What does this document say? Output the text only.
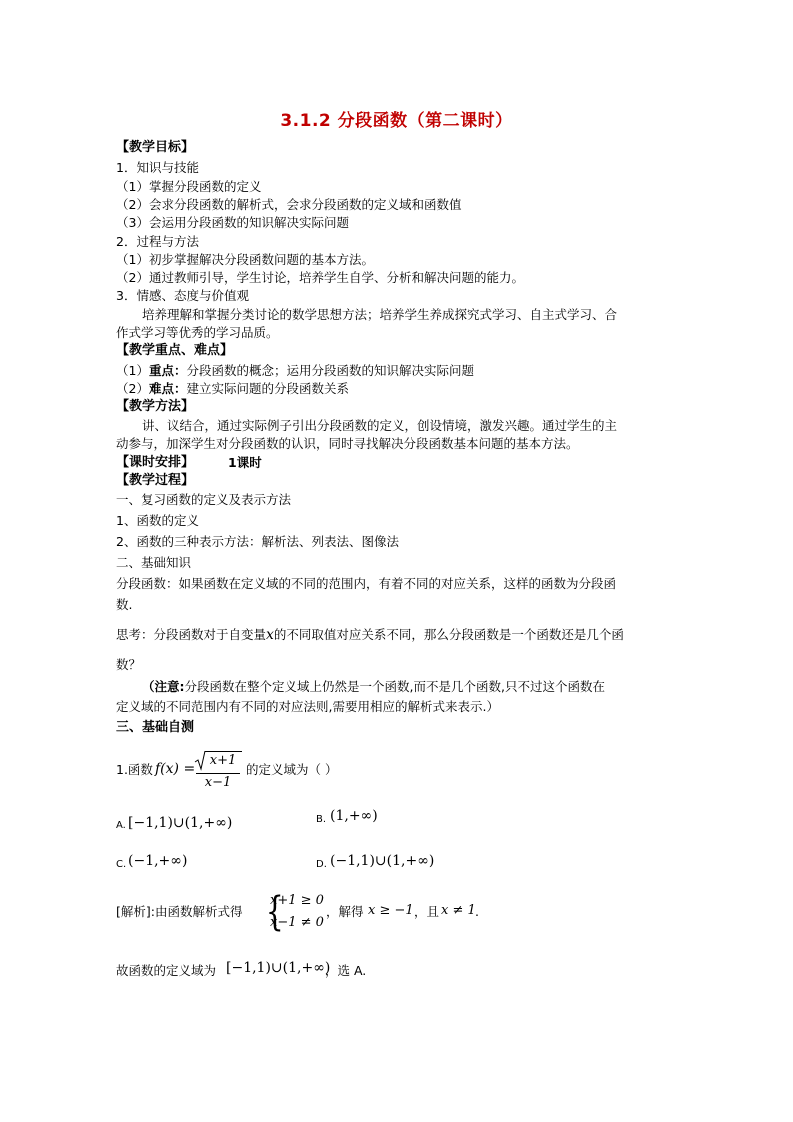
3.1.2 分段函数（第二课时）
【教学目标】
1．知识与技能
（1）掌握分段函数的定义
（2）会求分段函数的解析式，会求分段函数的定义域和函数值
（3）会运用分段函数的知识解决实际问题
2．过程与方法
（1）初步掌握解决分段函数问题的基本方法。
（2）通过教师引导，学生讨论，培养学生自学、分析和解决问题的能力。
3．情感、态度与价值观
培养理解和掌握分类讨论的数学思想方法；培养学生养成探究式学习、自主式学习、合
作式学习等优秀的学习品质。
【教学重点、难点】
（1）重点：分段函数的概念；运用分段函数的知识解决实际问题
（2）难点：建立实际问题的分段函数关系
【教学方法】
讲、议结合，通过实际例子引出分段函数的定义，创设情境，激发兴趣。通过学生的主
动参与，加深学生对分段函数的认识，同时寻找解决分段函数基本问题的基本方法。
【课时安排】	1课时
【教学过程】
一、复习函数的定义及表示方法
1、函数的定义
2、函数的三种表示方法：解析法、列表法、图像法
二、基础知识
分段函数：如果函数在定义域的不同的范围内，有着不同的对应关系，这样的函数为分段函
数.
思考：分段函数对于自变量x的不同取值对应关系不同，那么分段函数是一个函数还是几个函
数？
（注意:分段函数在整个定义域上仍然是一个函数,而不是几个函数,只不过这个函数在
定义域的不同范围内有不同的对应法则,需要用相应的解析式来表示.）
三、基础自测
1.函数 f(x) =
x+1
x−1
的定义域为（ ）
A. [−1,1)∪(1,+∞)	B. (1,+∞)
C. (−1,+∞)	D. (−1,1)∪(1,+∞)
[解析]:由函数解析式得 {
x+1 ≥ 0
x−1 ≠ 0
，解得 x ≥ −1 ，且 x ≠ 1 .
故函数的定义域为 [−1,1)∪(1,+∞)
，选 A.
